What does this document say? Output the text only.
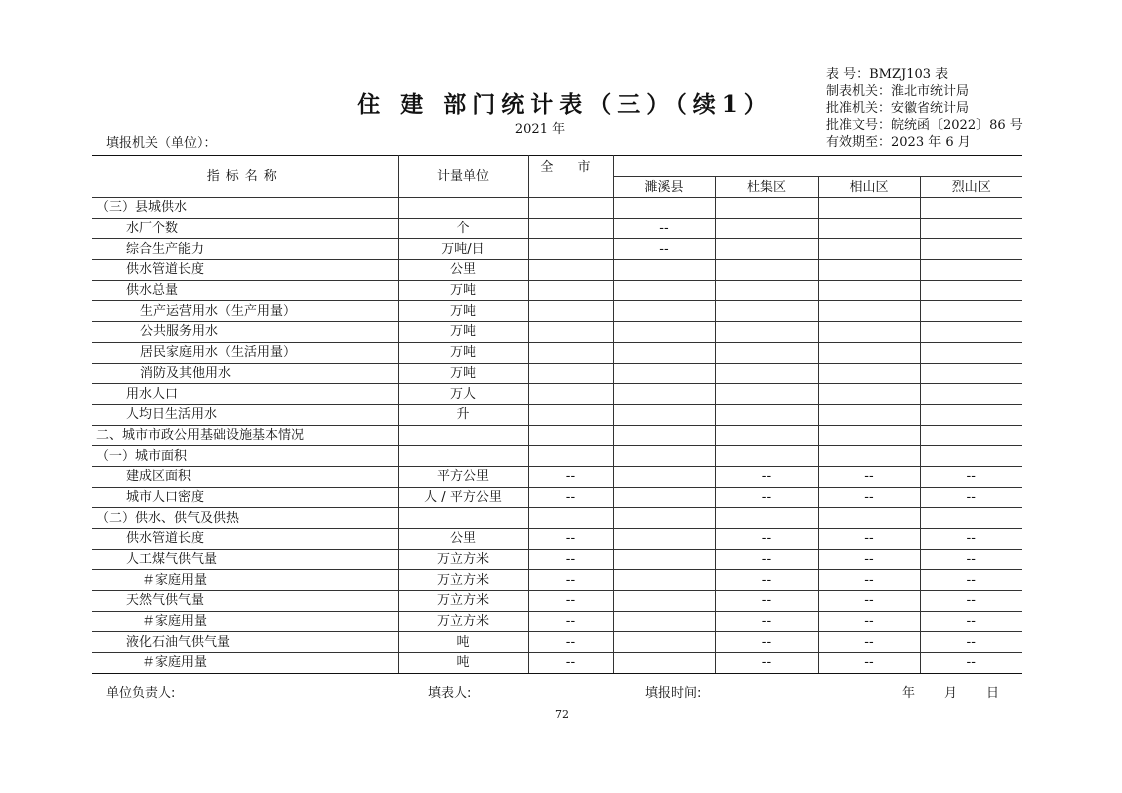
住 建 部门统计表（三）（续1）
2021 年
表 号：BMZJ103 表
制表机关：淮北市统计局
批准机关：安徽省统计局
批准文号：皖统函〔2022〕86 号
有效期至：2023 年 6 月
填报机关（单位）：
指标名称	计量单位	全 市				
			濉溪县	杜集区	相山区	烈山区
（三）县城供水						
水厂个数	个		--			
综合生产能力	万吨/日		--			
供水管道长度	公里					
供水总量	万吨					
生产运营用水（生产用量）	万吨					
公共服务用水	万吨					
居民家庭用水（生活用量）	万吨					
消防及其他用水	万吨					
用水人口	万人					
人均日生活用水	升					
二、城市市政公用基础设施基本情况						
（一）城市面积						
建成区面积	平方公里	--		--	--	--
城市人口密度	人 / 平方公里	--		--	--	--
（二）供水、供气及供热						
供水管道长度	公里	--		--	--	--
人工煤气供气量	万立方米	--		--	--	--
＃家庭用量	万立方米	--		--	--	--
天然气供气量	万立方米	--		--	--	--
＃家庭用量	万立方米	--		--	--	--
液化石油气供气量	吨	--		--	--	--
＃家庭用量	吨	--		--	--	--
单位负责人:	填表人:	填报时间:	年 月 日
72
